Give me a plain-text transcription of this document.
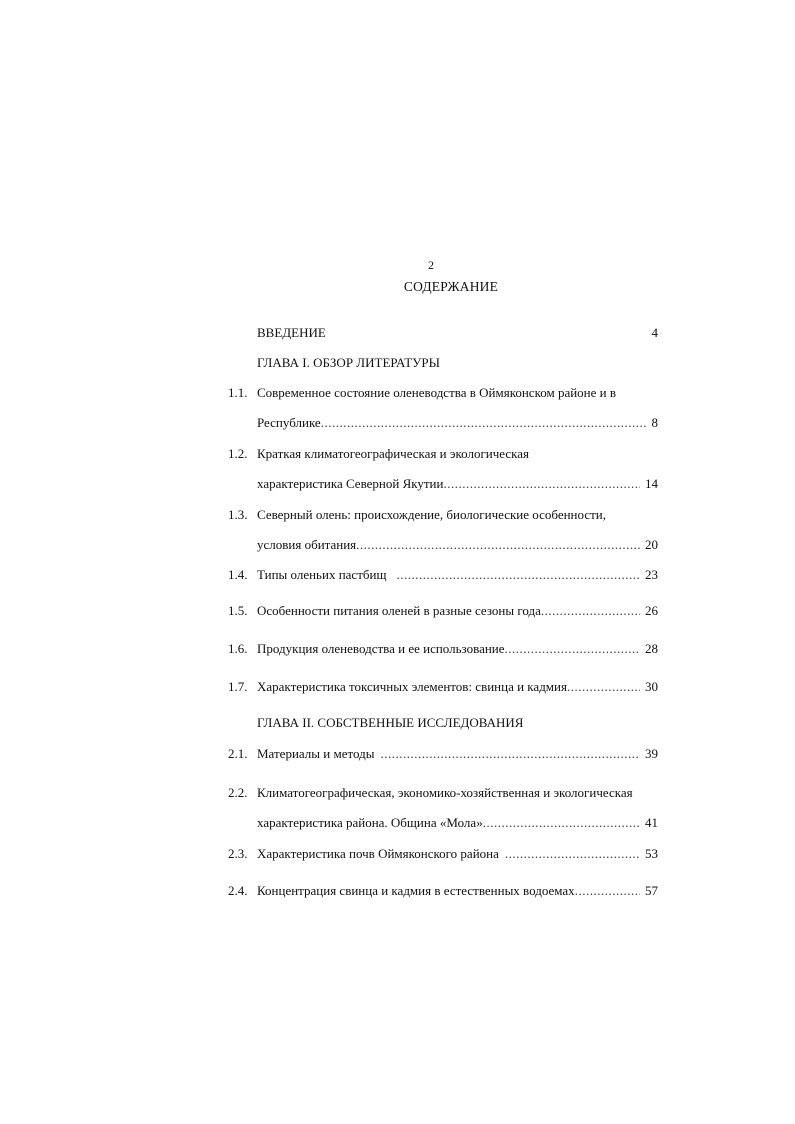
2
СОДЕРЖАНИЕ
ВВЕДЕНИЕ	4
ГЛАВА I. ОБЗОР ЛИТЕРАТУРЫ
1.1. Современное состояние оленеводства в Оймяконском районе и в
Республике .....	8
1.2. Краткая климатогеографическая и экологическая
характеристика Северной Якутии .....	14
1.3. Северный олень: происхождение, биологические особенности,
условия обитания .....	20
1.4. Типы оленьих пастбищ .....	23
1.5. Особенности питания оленей в разные сезоны года .....	26
1.6. Продукция оленеводства и ее использование .....	28
1.7. Характеристика токсичных элементов: свинца и кадмия .....	30
ГЛАВА II. СОБСТВЕННЫЕ ИССЛЕДОВАНИЯ
2.1. Материалы и методы .....	39
2.2. Климатогеографическая, экономико-хозяйственная и экологическая
характеристика района. Община «Мола» .....	41
2.3. Характеристика почв Оймяконского района .....	53
2.4. Концентрация свинца и кадмия в естественных водоемах .....	57
